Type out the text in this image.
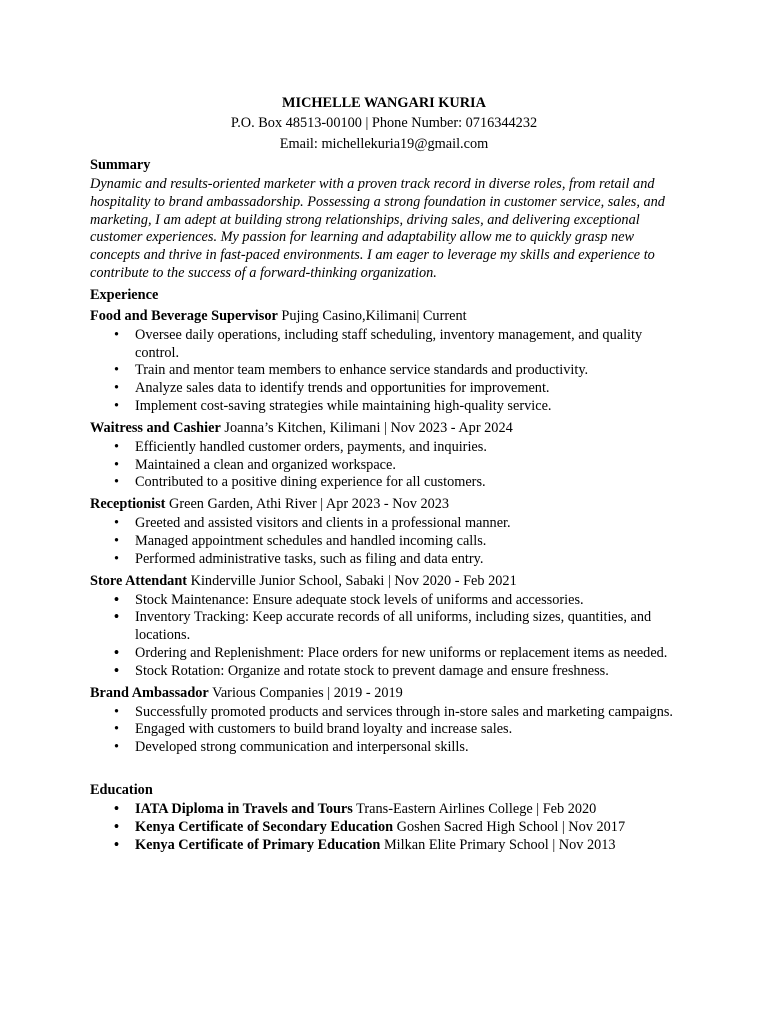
MICHELLE WANGARI KURIA
P.O. Box 48513-00100 | Phone Number: 0716344232
Email: michellekuria19@gmail.com
Summary

Dynamic and results-oriented marketer with a proven track record in diverse roles, from retail and hospitality to brand ambassadorship. Possessing a strong foundation in customer service, sales, and marketing, I am adept at building strong relationships, driving sales, and delivering exceptional customer experiences. My passion for learning and adaptability allow me to quickly grasp new concepts and thrive in fast-paced environments. I am eager to leverage my skills and experience to contribute to the success of a forward-thinking organization.

Experience
Food and Beverage Supervisor Pujing Casino,Kilimani| Current
• Oversee daily operations, including staff scheduling, inventory management, and quality control.
• Train and mentor team members to enhance service standards and productivity.
• Analyze sales data to identify trends and opportunities for improvement.
• Implement cost-saving strategies while maintaining high-quality service.
Waitress and Cashier Joanna’s Kitchen, Kilimani | Nov 2023 - Apr 2024
• Efficiently handled customer orders, payments, and inquiries.
• Maintained a clean and organized workspace.
• Contributed to a positive dining experience for all customers.
Receptionist Green Garden, Athi River | Apr 2023 - Nov 2023
• Greeted and assisted visitors and clients in a professional manner.
• Managed appointment schedules and handled incoming calls.
• Performed administrative tasks, such as filing and data entry.
Store Attendant Kinderville Junior School, Sabaki | Nov 2020 - Feb 2021
• Stock Maintenance: Ensure adequate stock levels of uniforms and accessories.
• Inventory Tracking: Keep accurate records of all uniforms, including sizes, quantities, and locations.
• Ordering and Replenishment: Place orders for new uniforms or replacement items as needed.
• Stock Rotation: Organize and rotate stock to prevent damage and ensure freshness.
Brand Ambassador Various Companies | 2019 - 2019
• Successfully promoted products and services through in-store sales and marketing campaigns.
• Engaged with customers to build brand loyalty and increase sales.
• Developed strong communication and interpersonal skills.
Education
• IATA Diploma in Travels and Tours Trans-Eastern Airlines College | Feb 2020
• Kenya Certificate of Secondary Education Goshen Sacred High School | Nov 2017
• Kenya Certificate of Primary Education Milkan Elite Primary School | Nov 2013
